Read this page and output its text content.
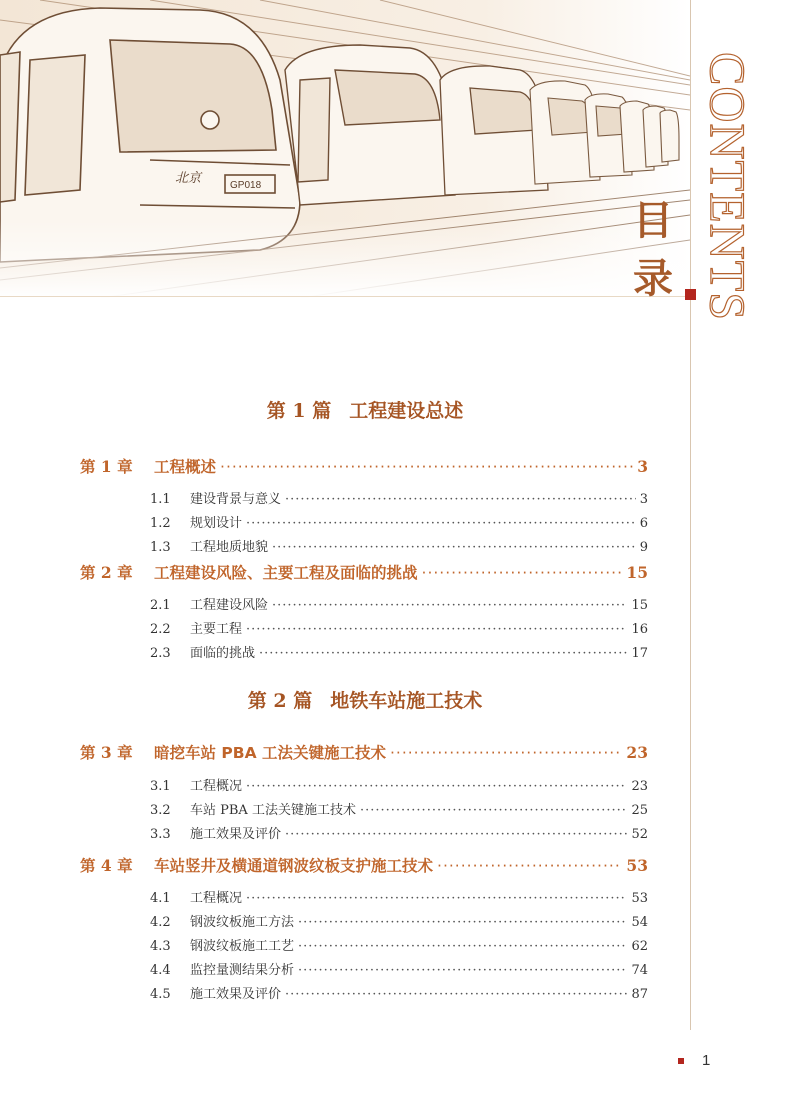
GP018
北京	CONTENTS
目录
第 1 篇 工程建设总述
第 1 章	工程概述 ·····	3
1.1	建设背景与意义 ·····	3
1.2	规划设计 ·····	6
1.3	工程地质地貌 ·····	9
第 2 章	工程建设风险、主要工程及面临的挑战 ·····	15
2.1	工程建设风险 ·····	15
2.2	主要工程 ·····	16
2.3	面临的挑战 ·····	17
第 2 篇 地铁车站施工技术
第 3 章	暗挖车站 PBA 工法关键施工技术 ·····	23
3.1	工程概况 ·····	23
3.2	车站 PBA 工法关键施工技术 ·····	25
3.3	施工效果及评价 ·····	52
第 4 章	车站竖井及横通道钢波纹板支护施工技术 ·····	53
4.1	工程概况 ·····	53
4.2	钢波纹板施工方法 ·····	54
4.3	钢波纹板施工工艺 ·····	62
4.4	监控量测结果分析 ·····	74
4.5	施工效果及评价 ·····	87
1
